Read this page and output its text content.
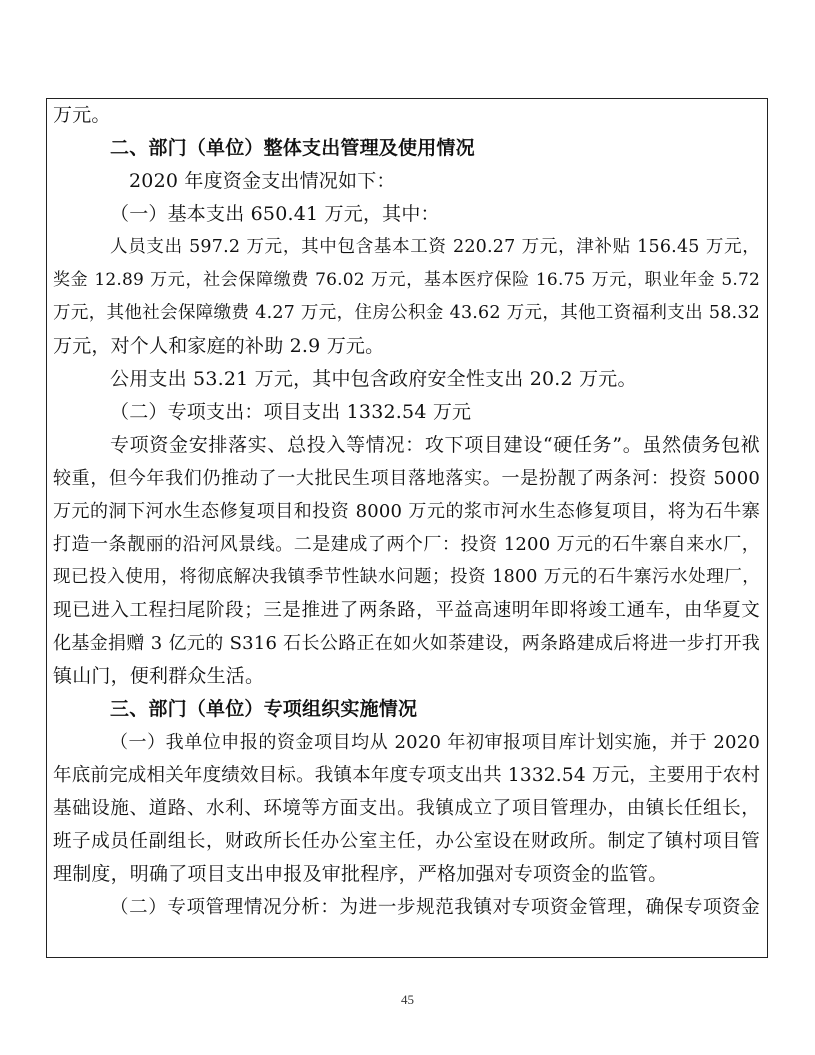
万元。
二、部门（单位）整体支出管理及使用情况
2020 年度资金支出情况如下：
（一）基本支出 650.41 万元，其中：
人员支出 597.2 万元，其中包含基本工资 220.27 万元，津补贴 156.45 万元，
奖金 12.89 万元，社会保障缴费 76.02 万元，基本医疗保险 16.75 万元，职业年金 5.72
万元，其他社会保障缴费 4.27 万元，住房公积金 43.62 万元，其他工资福利支出 58.32
万元，对个人和家庭的补助 2.9 万元。
公用支出 53.21 万元，其中包含政府安全性支出 20.2 万元。
（二）专项支出：项目支出 1332.54 万元
专项资金安排落实、总投入等情况：攻下项目建设“硬任务”。虽然债务包袱
较重，但今年我们仍推动了一大批民生项目落地落实。一是扮靓了两条河：投资 5000
万元的洞下河水生态修复项目和投资 8000 万元的浆市河水生态修复项目，将为石牛寨
打造一条靓丽的沿河风景线。二是建成了两个厂：投资 1200 万元的石牛寨自来水厂，
现已投入使用，将彻底解决我镇季节性缺水问题；投资 1800 万元的石牛寨污水处理厂，
现已进入工程扫尾阶段；三是推进了两条路，平益高速明年即将竣工通车，由华夏文
化基金捐赠 3 亿元的 S316 石长公路正在如火如荼建设，两条路建成后将进一步打开我
镇山门，便利群众生活。
三、部门（单位）专项组织实施情况
（一）我单位申报的资金项目均从 2020 年初审报项目库计划实施，并于 2020
年底前完成相关年度绩效目标。我镇本年度专项支出共 1332.54 万元，主要用于农村
基础设施、道路、水利、环境等方面支出。我镇成立了项目管理办，由镇长任组长，
班子成员任副组长，财政所长任办公室主任，办公室设在财政所。制定了镇村项目管
理制度，明确了项目支出申报及审批程序，严格加强对专项资金的监管。
（二）专项管理情况分析：为进一步规范我镇对专项资金管理，确保专项资金
45
